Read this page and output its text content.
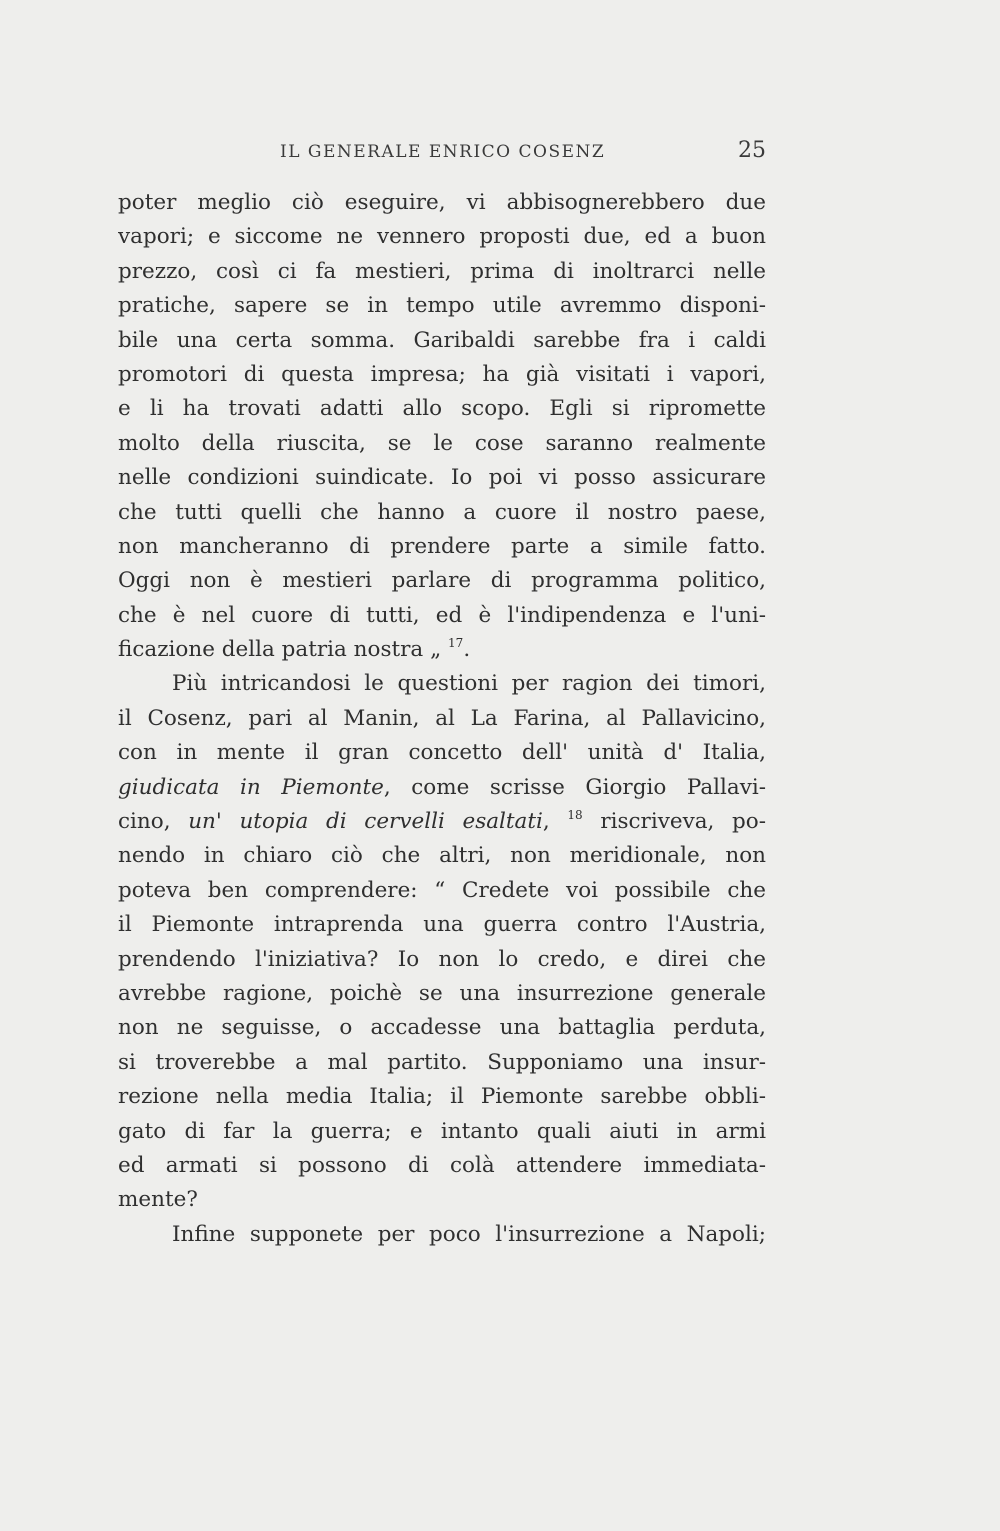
IL GENERALE ENRICO COSENZ	25
poter meglio ciò eseguire, vi abbisognerebbero due
vapori; e siccome ne vennero proposti due, ed a buon
prezzo, così ci fa mestieri, prima di inoltrarci nelle
pratiche, sapere se in tempo utile avremmo disponi-
bile una certa somma. Garibaldi sarebbe fra i caldi
promotori di questa impresa; ha già visitati i vapori,
e li ha trovati adatti allo scopo. Egli si ripromette
molto della riuscita, se le cose saranno realmente
nelle condizioni suindicate. Io poi vi posso assicurare
che tutti quelli che hanno a cuore il nostro paese,
non mancheranno di prendere parte a simile fatto.
Oggi non è mestieri parlare di programma politico,
che è nel cuore di tutti, ed è l'indipendenza e l'uni-
ficazione della patria nostra „ $^{17}$.
Più intricandosi le questioni per ragion dei timori,
il Cosenz, pari al Manin, al La Farina, al Pallavicino,
con in mente il gran concetto dell' unità d' Italia,
giudicata in Piemonte, come scrisse Giorgio Pallavi-
cino, un' utopia di cervelli esaltati, $^{18}$ riscriveva, po-
nendo in chiaro ciò che altri, non meridionale, non
poteva ben comprendere: “ Credete voi possibile che
il Piemonte intraprenda una guerra contro l'Austria,
prendendo l'iniziativa? Io non lo credo, e direi che
avrebbe ragione, poichè se una insurrezione generale
non ne seguisse, o accadesse una battaglia perduta,
si troverebbe a mal partito. Supponiamo una insur-
rezione nella media Italia; il Piemonte sarebbe obbli-
gato di far la guerra; e intanto quali aiuti in armi
ed armati si possono di colà attendere immediata-
mente?
Infine supponete per poco l'insurrezione a Napoli;
